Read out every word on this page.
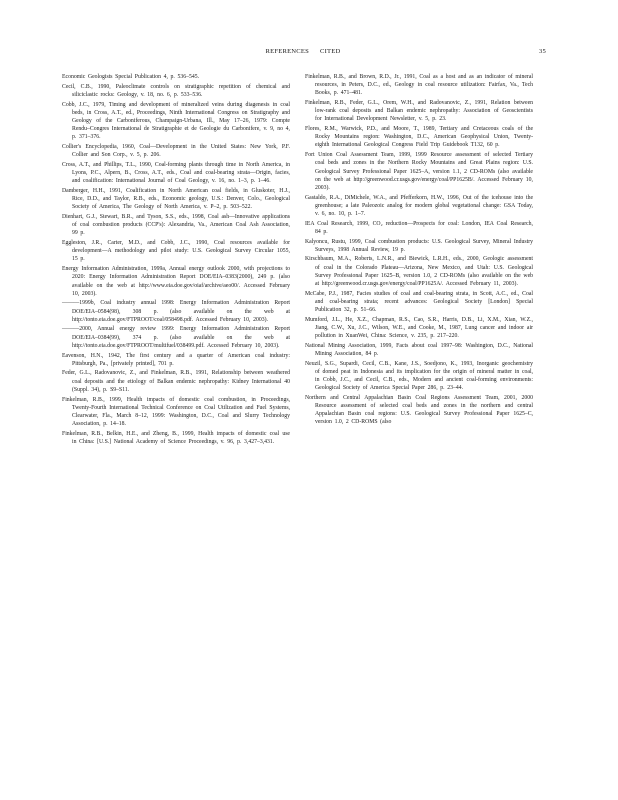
REFERENCES      CITED	35

Economic Geologists Special Publication 4, p. 536–545.

Cecil, C.B., 1990, Paleoclimate controls on stratigraphic repetition of chemical and siliciclastic rocks: Geology, v. 18, no. 6, p. 533–536.

Cobb, J.C., 1979, Timing and development of mineralized veins during diagenesis in coal beds, in Cross, A.T., ed., Proceedings, Ninth International Congress on Stratigraphy and Geology of the Carboniferous, Champaign-Urbana, Ill., May 17–26, 1979: Compte Rendu–Congres International de Stratigraphie et de Geologie du Carbonifere, v. 9, no 4, p. 371–376.

Collier's Encyclopedia, 1960, Coal—Development in the United States: New York, P.F. Collier and Son Corp., v. 5, p. 206.

Cross, A.T., and Phillips, T.L., 1990, Coal-forming plants through time in North America, in Lyons, P.C., Alpern, B., Cross, A.T., eds., Coal and coal-bearing strata—Origin, facies, and coalification: International Journal of Coal Geology, v. 16, no. 1–3, p. 1–46.

Damberger, H.H., 1991, Coalification in North American coal fields, in Gluskoter, H.J., Rice, D.D., and Taylor, R.B., eds., Economic geology, U.S.: Denver, Colo., Geological Society of America, The Geology of North America, v. P–2, p. 503–522.

Dienhart, G.J., Stewart, B.R., and Tyson, S.S., eds., 1998, Coal ash—Innovative applications of coal combustion products (CCP's): Alexandria, Va., American Coal Ash Association, 99 p.

Eggleston, J.R., Carter, M.D., and Cobb, J.C., 1990, Coal resources available for development—A methodology and pilot study: U.S. Geological Survey Circular 1055, 15 p.

Energy Information Administration, 1999a, Annual energy outlook 2000, with projections to 2020: Energy Information Administration Report DOE/EIA–0383(2000), 249 p. (also available on the web at http://www.eia.doe.gov/oiaf/archive/aeo00/. Accessed February 10, 2003).

———1999b, Coal industry annual 1998: Energy Information Administration Report DOE/EIA–0584(98), 308 p. (also available on the web at http://tonto.eia.doe.gov/FTPROOT/coal/058498.pdf. Accessed February 10, 2003).

———2000, Annual energy review 1999: Energy Information Administration Report DOE/EIA–0384(99), 374 p. (also available on the web at http://tonto.eia.doe.gov/FTPROOT/multifuel/038499.pdf. Accessed February 10, 2003).

Eavenson, H.N., 1942, The first century and a quarter of American coal industry: Pittsburgh, Pa., [privately printed], 701 p.

Feder, G.L., Radovanovic, Z., and Finkelman, R.B., 1991, Relationship between weathered coal deposits and the etiology of Balkan endemic nephropathy: Kidney International 40 (Suppl. 34), p. S9–S11.

Finkelman, R.B., 1999, Health impacts of domestic coal combustion, in Proceedings, Twenty-Fourth International Technical Conference on Coal Utilization and Fuel Systems, Clearwater, Fla., March 8–12, 1999: Washington, D.C., Coal and Slurry Technology Association, p. 14–18.

Finkelman, R.B., Belkin, H.E., and Zheng, B., 1999, Health impacts of domestic coal use in China: [U.S.] National Academy of Science Proceedings, v. 96, p. 3,427–3,431.

Finkelman, R.B., and Brown, R.D., Jr., 1991, Coal as a host and as an indicator of mineral resources, in Peters, D.C., ed., Geology in coal resource utilization: Fairfax, Va., Tech Books, p. 471–481.

Finkelman, R.B., Feder, G.L., Orem, W.H., and Radovanovic, Z., 1991, Relation between low-rank coal deposits and Balkan endemic nephropathy: Association of Geoscientists for International Development Newsletter, v. 5, p. 23.

Flores, R.M., Warwick, P.D., and Moore, T., 1989, Tertiary and Cretaceous coals of the Rocky Mountains region: Washington, D.C., American Geophysical Union, Twenty-eighth International Geological Congress Field Trip Guidebook T132, 60 p.

Fort Union Coal Assessment Team, 1999, 1999 Resource assessment of selected Tertiary coal beds and zones in the Northern Rocky Mountains and Great Plains region: U.S. Geological Survey Professional Paper 1625–A, version 1.1, 2 CD-ROMs (also available on the web at http://greenwood.cr.usgs.gov/energy/coal/PP1625B/. Accessed February 10, 2003).

Gastaldo, R.A., DiMichele, W.A., and Pfefferkorn, H.W., 1996, Out of the icehouse into the greenhouse; a late Paleozoic analog for modern global vegetational change: GSA Today, v. 6, no. 10, p. 1–7.

IEA Coal Research, 1999, CO₂ reduction—Prospects for coal: London, IEA Coal Research, 84 p.

Kalyoncu, Rustu, 1999, Coal combustion products: U.S. Geological Survey, Mineral Industry Surveys, 1998 Annual Review, 19 p.

Kirschbaum, M.A., Roberts, L.N.R., and Biewick, L.R.H., eds., 2000, Geologic assessment of coal in the Colorado Plateau—Arizona, New Mexico, and Utah: U.S. Geological Survey Professional Paper 1625–B, version 1.0, 2 CD-ROMs (also available on the web at http://greenwood.cr.usgs.gov/energy/coal/PP1625A/. Accessed February 11, 2003).

McCabe, P.J., 1987, Facies studies of coal and coal-bearing strata, in Scott, A.C., ed., Coal and coal-bearing strata; recent advances: Geological Society [London] Special Publication 32, p. 51–66.

Mumford, J.L., He, X.Z., Chapman, R.S., Cao, S.R., Harris, D.B., Li, X.M., Xian, W.Z., Jiang, C.W., Xu, J.C., Wilson, W.E., and Cooke, M., 1987, Lung cancer and indoor air pollution in XuanWei, China: Science, v. 235, p. 217–220.

National Mining Association, 1999, Facts about coal 1997–98: Washington, D.C., National Mining Association, 84 p.

Neuzil, S.G., Supardi, Cecil, C.B., Kane, J.S., Soedjono, K., 1993, Inorganic geochemistry of domed peat in Indonesia and its implication for the origin of mineral matter in coal, in Cobb, J.C., and Cecil, C.B., eds., Modern and ancient coal-forming environments: Geological Society of America Special Paper 286, p. 23–44.

Northern and Central Appalachian Basin Coal Regions Assessment Team, 2001, 2000 Resource assessment of selected coal beds and zones in the northern and central Appalachian Basin coal regions: U.S. Geological Survey Professional Paper 1625–C, version 1.0, 2 CD-ROMS (also
